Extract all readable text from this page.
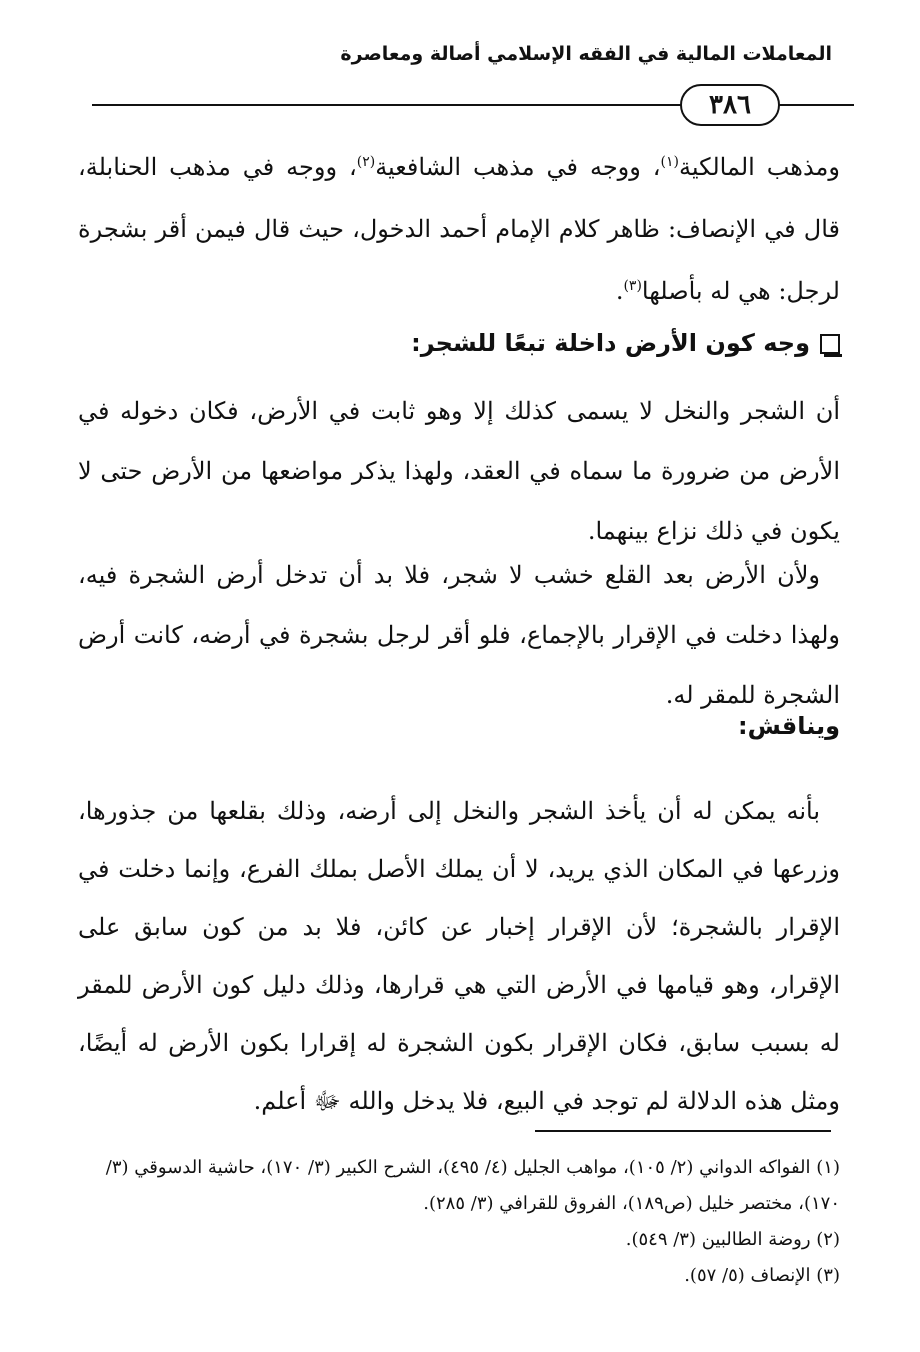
المعاملات المالية في الفقه الإسلامي أصالة ومعاصرة
٣٨٦

ومذهب المالكية$^{(١)}$، ووجه في مذهب الشافعية$^{(٢)}$، ووجه في مذهب الحنابلة، قال في الإنصاف: ظاهر كلام الإمام أحمد الدخول، حيث قال فيمن أقر بشجرة لرجل: هي له بأصلها$^{(٣)}$.

وجه كون الأرض داخلة تبعًا للشجر:

أن الشجر والنخل لا يسمى كذلك إلا وهو ثابت في الأرض، فكان دخوله في الأرض من ضرورة ما سماه في العقد، ولهذا يذكر مواضعها من الأرض حتى لا يكون في ذلك نزاع بينهما.

ولأن الأرض بعد القلع خشب لا شجر، فلا بد أن تدخل أرض الشجرة فيه، ولهذا دخلت في الإقرار بالإجماع، فلو أقر لرجل بشجرة في أرضه، كانت أرض الشجرة للمقر له.

ويناقش:

بأنه يمكن له أن يأخذ الشجر والنخل إلى أرضه، وذلك بقلعها من جذورها، وزرعها في المكان الذي يريد، لا أن يملك الأصل بملك الفرع، وإنما دخلت في الإقرار بالشجرة؛ لأن الإقرار إخبار عن كائن، فلا بد من كون سابق على الإقرار، وهو قيامها في الأرض التي هي قرارها، وذلك دليل كون الأرض للمقر له بسبب سابق، فكان الإقرار بكون الشجرة له إقرارا بكون الأرض له أيضًا، ومثل هذه الدلالة لم توجد في البيع، فلا يدخل والله ﷻ أعلم.

(١) الفواكه الدواني (٢/ ١٠٥)، مواهب الجليل (٤/ ٤٩٥)، الشرح الكبير (٣/ ١٧٠)، حاشية الدسوقي (٣/ ١٧٠)، مختصر خليل (ص١٨٩)، الفروق للقرافي (٣/ ٢٨٥).

(٢) روضة الطالبين (٣/ ٥٤٩).

(٣) الإنصاف (٥/ ٥٧).
